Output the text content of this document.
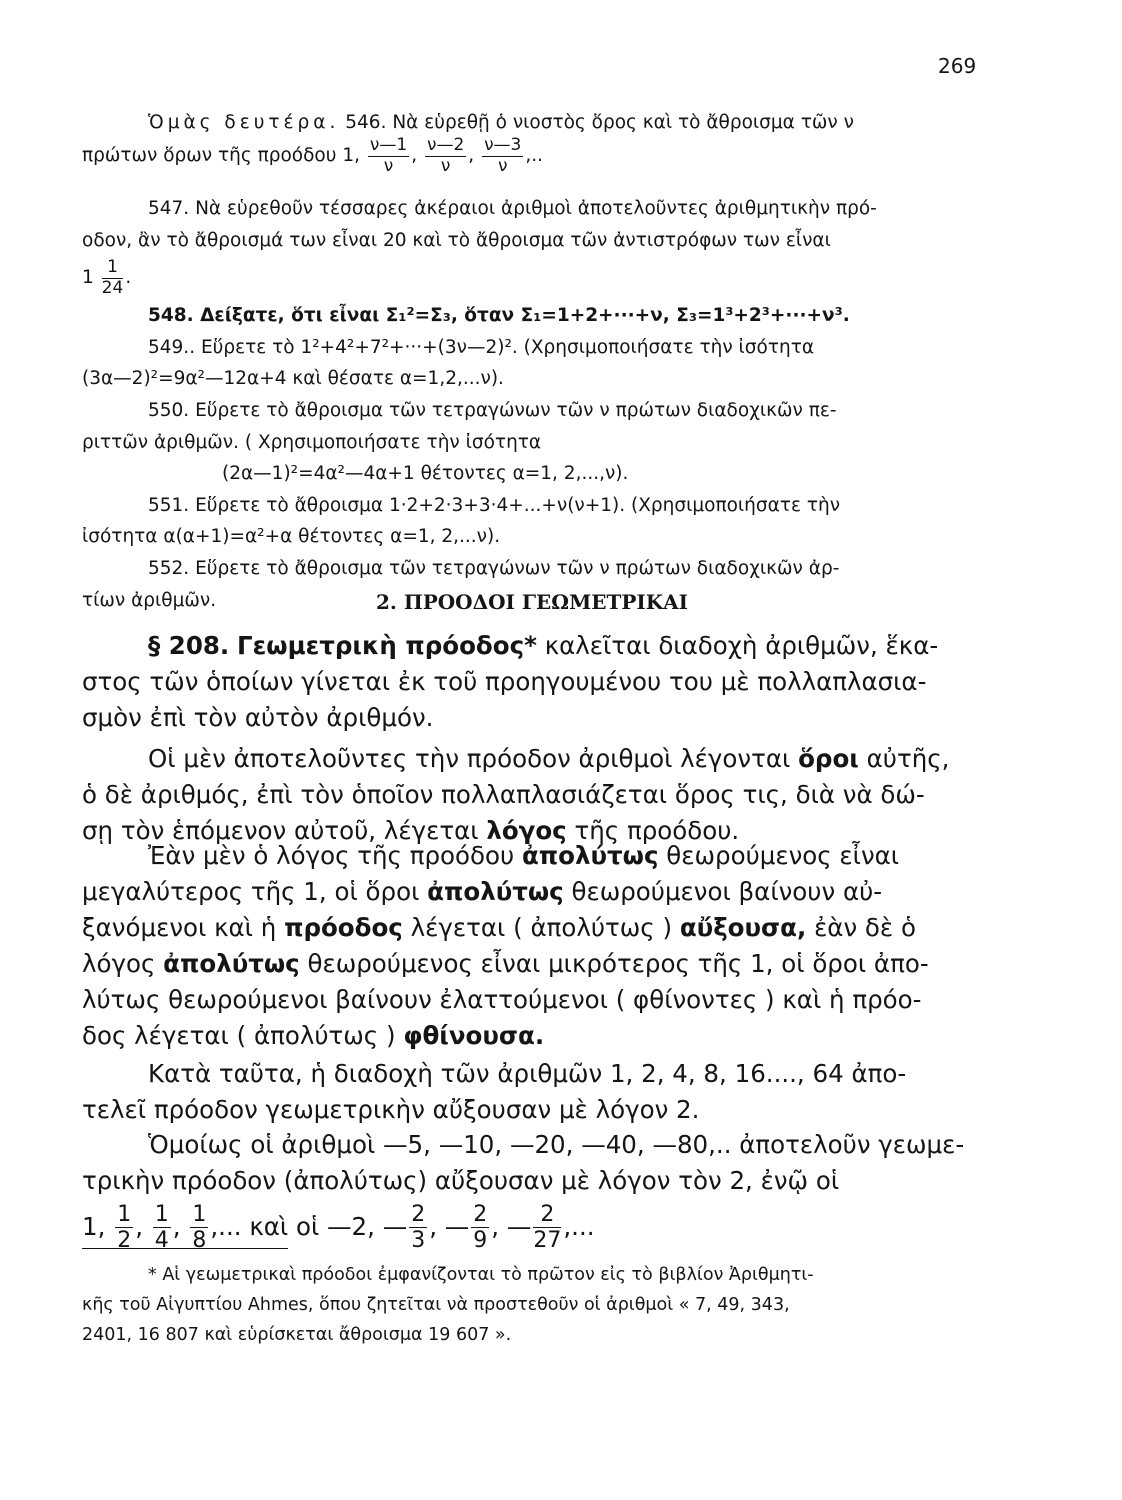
269

Ὁμὰς δευτέρα. 546. Νὰ εὑρεθῇ ὁ νιοστὸς ὅρος καὶ τὸ ἄθροισμα τῶν ν

πρώτων ὅρων τῆς προόδου 1, $\frac{\nu—1}{\nu}$ , $\frac{\nu—2}{\nu}$ , $\frac{\nu—3}{\nu}$ ,..

547. Νὰ εὑρεθοῦν τέσσαρες ἀκέραιοι ἀριθμοὶ ἀποτελοῦντες ἀριθμητικὴν πρό-

οδον, ἂν τὸ ἄθροισμά των εἶναι 20 καὶ τὸ ἄθροισμα τῶν ἀντιστρόφων των εἶναι

$1 \frac{1}{24}$ .

548. Δείξατε, ὅτι εἶναι Σ₁²=Σ₃, ὅταν Σ₁=1+2+···+ν, Σ₃=1³+2³+···+ν³.

549.. Εὕρετε τὸ 1²+4²+7²+···+(3ν—2)². (Χρησιμοποιήσατε τὴν ἰσότητα

(3α—2)²=9α²—12α+4 καὶ θέσατε α=1,2,...ν).

550. Εὕρετε τὸ ἄθροισμα τῶν τετραγώνων τῶν ν πρώτων διαδοχικῶν πε-

ριττῶν ἀριθμῶν. ( Χρησιμοποιήσατε τὴν ἰσότητα

(2α—1)²=4α²—4α+1 θέτοντες α=1, 2,...,ν).

551. Εὕρετε τὸ ἄθροισμα 1·2+2·3+3·4+...+ν(ν+1). (Χρησιμοποιήσατε τὴν

ἰσότητα α(α+1)=α²+α θέτοντες α=1, 2,...ν).

552. Εὕρετε τὸ ἄθροισμα τῶν τετραγώνων τῶν ν πρώτων διαδοχικῶν ἀρ-

τίων ἀριθμῶν.	2. ΠΡΟΟΔΟΙ ΓΕΩΜΕΤΡΙΚΑΙ

§ 208. Γεωμετρικὴ πρόοδος* καλεῖται διαδοχὴ ἀριθμῶν, ἕκα-

στος τῶν ὁποίων γίνεται ἐκ τοῦ προηγουμένου του μὲ πολλαπλασια-

σμὸν ἐπὶ τὸν αὐτὸν ἀριθμόν.

Οἱ μὲν ἀποτελοῦντες τὴν πρόοδον ἀριθμοὶ λέγονται ὅροι αὐτῆς,

ὁ δὲ ἀριθμός, ἐπὶ τὸν ὁποῖον πολλαπλασιάζεται ὅρος τις, διὰ νὰ δώ-

σῃ τὸν ἑπόμενον αὐτοῦ, λέγεται λόγος τῆς προόδου.

Ἐὰν μὲν ὁ λόγος τῆς προόδου ἀπολύτως θεωρούμενος εἶναι

μεγαλύτερος τῆς 1, οἱ ὅροι ἀπολύτως θεωρούμενοι βαίνουν αὐ-

ξανόμενοι καὶ ἡ πρόοδος λέγεται ( ἀπολύτως ) αὔξουσα, ἐὰν δὲ ὁ

λόγος ἀπολύτως θεωρούμενος εἶναι μικρότερος τῆς 1, οἱ ὅροι ἀπο-

λύτως θεωρούμενοι βαίνουν ἐλαττούμενοι ( φθίνοντες ) καὶ ἡ πρόο-

δος λέγεται ( ἀπολύτως ) φθίνουσα.

Κατὰ ταῦτα, ἡ διαδοχὴ τῶν ἀριθμῶν 1, 2, 4, 8, 16...., 64 ἀπο-

τελεῖ πρόοδον γεωμετρικὴν αὔξουσαν μὲ λόγον 2.

Ὁμοίως οἱ ἀριθμοὶ —5, —10, —20, —40, —80,.. ἀποτελοῦν γεωμε-

τρικὴν πρόοδον (ἀπολύτως) αὔξουσαν μὲ λόγον τὸν 2, ἐνῷ οἱ

1, $\frac{1}{2}$ , $\frac{1}{4}$ , $\frac{1}{8}$ ,... καὶ οἱ —2, — $\frac{2}{3}$ , — $\frac{2}{9}$ , — $\frac{2}{27}$ ,...

* Αἱ γεωμετρικαὶ πρόοδοι ἐμφανίζονται τὸ πρῶτον εἰς τὸ βιβλίον Ἀριθμητι-

κῆς τοῦ Αἰγυπτίου Ahmes, ὅπου ζητεῖται νὰ προστεθοῦν οἱ ἀριθμοὶ « 7, 49, 343,

2401, 16 807 καὶ εὑρίσκεται ἄθροισμα 19 607 ».
